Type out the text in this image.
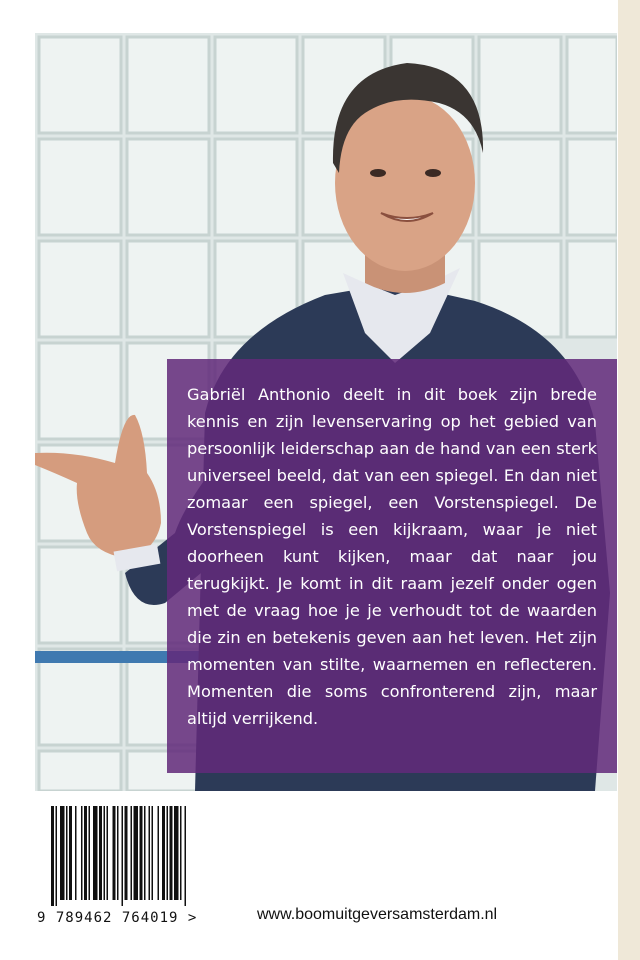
Gabriël Anthonio deelt in dit boek zijn brede kennis en zijn levenservaring op het gebied van persoonlijk leiderschap aan de hand van een sterk universeel beeld, dat van een spiegel. En dan niet zomaar een spiegel, een Vorstenspiegel. De Vorstenspiegel is een kijkraam, waar je niet doorheen kunt kijken, maar dat naar jou terugkijkt. Je komt in dit raam jezelf onder ogen met de vraag hoe je je verhoudt tot de waarden die zin en betekenis geven aan het leven. Het zijn momenten van stilte, waarnemen en reflecteren. Momenten die soms confronterend zijn, maar altijd verrijkend.

9 789462 764019 >	www.boomuitgeversamsterdam.nl
